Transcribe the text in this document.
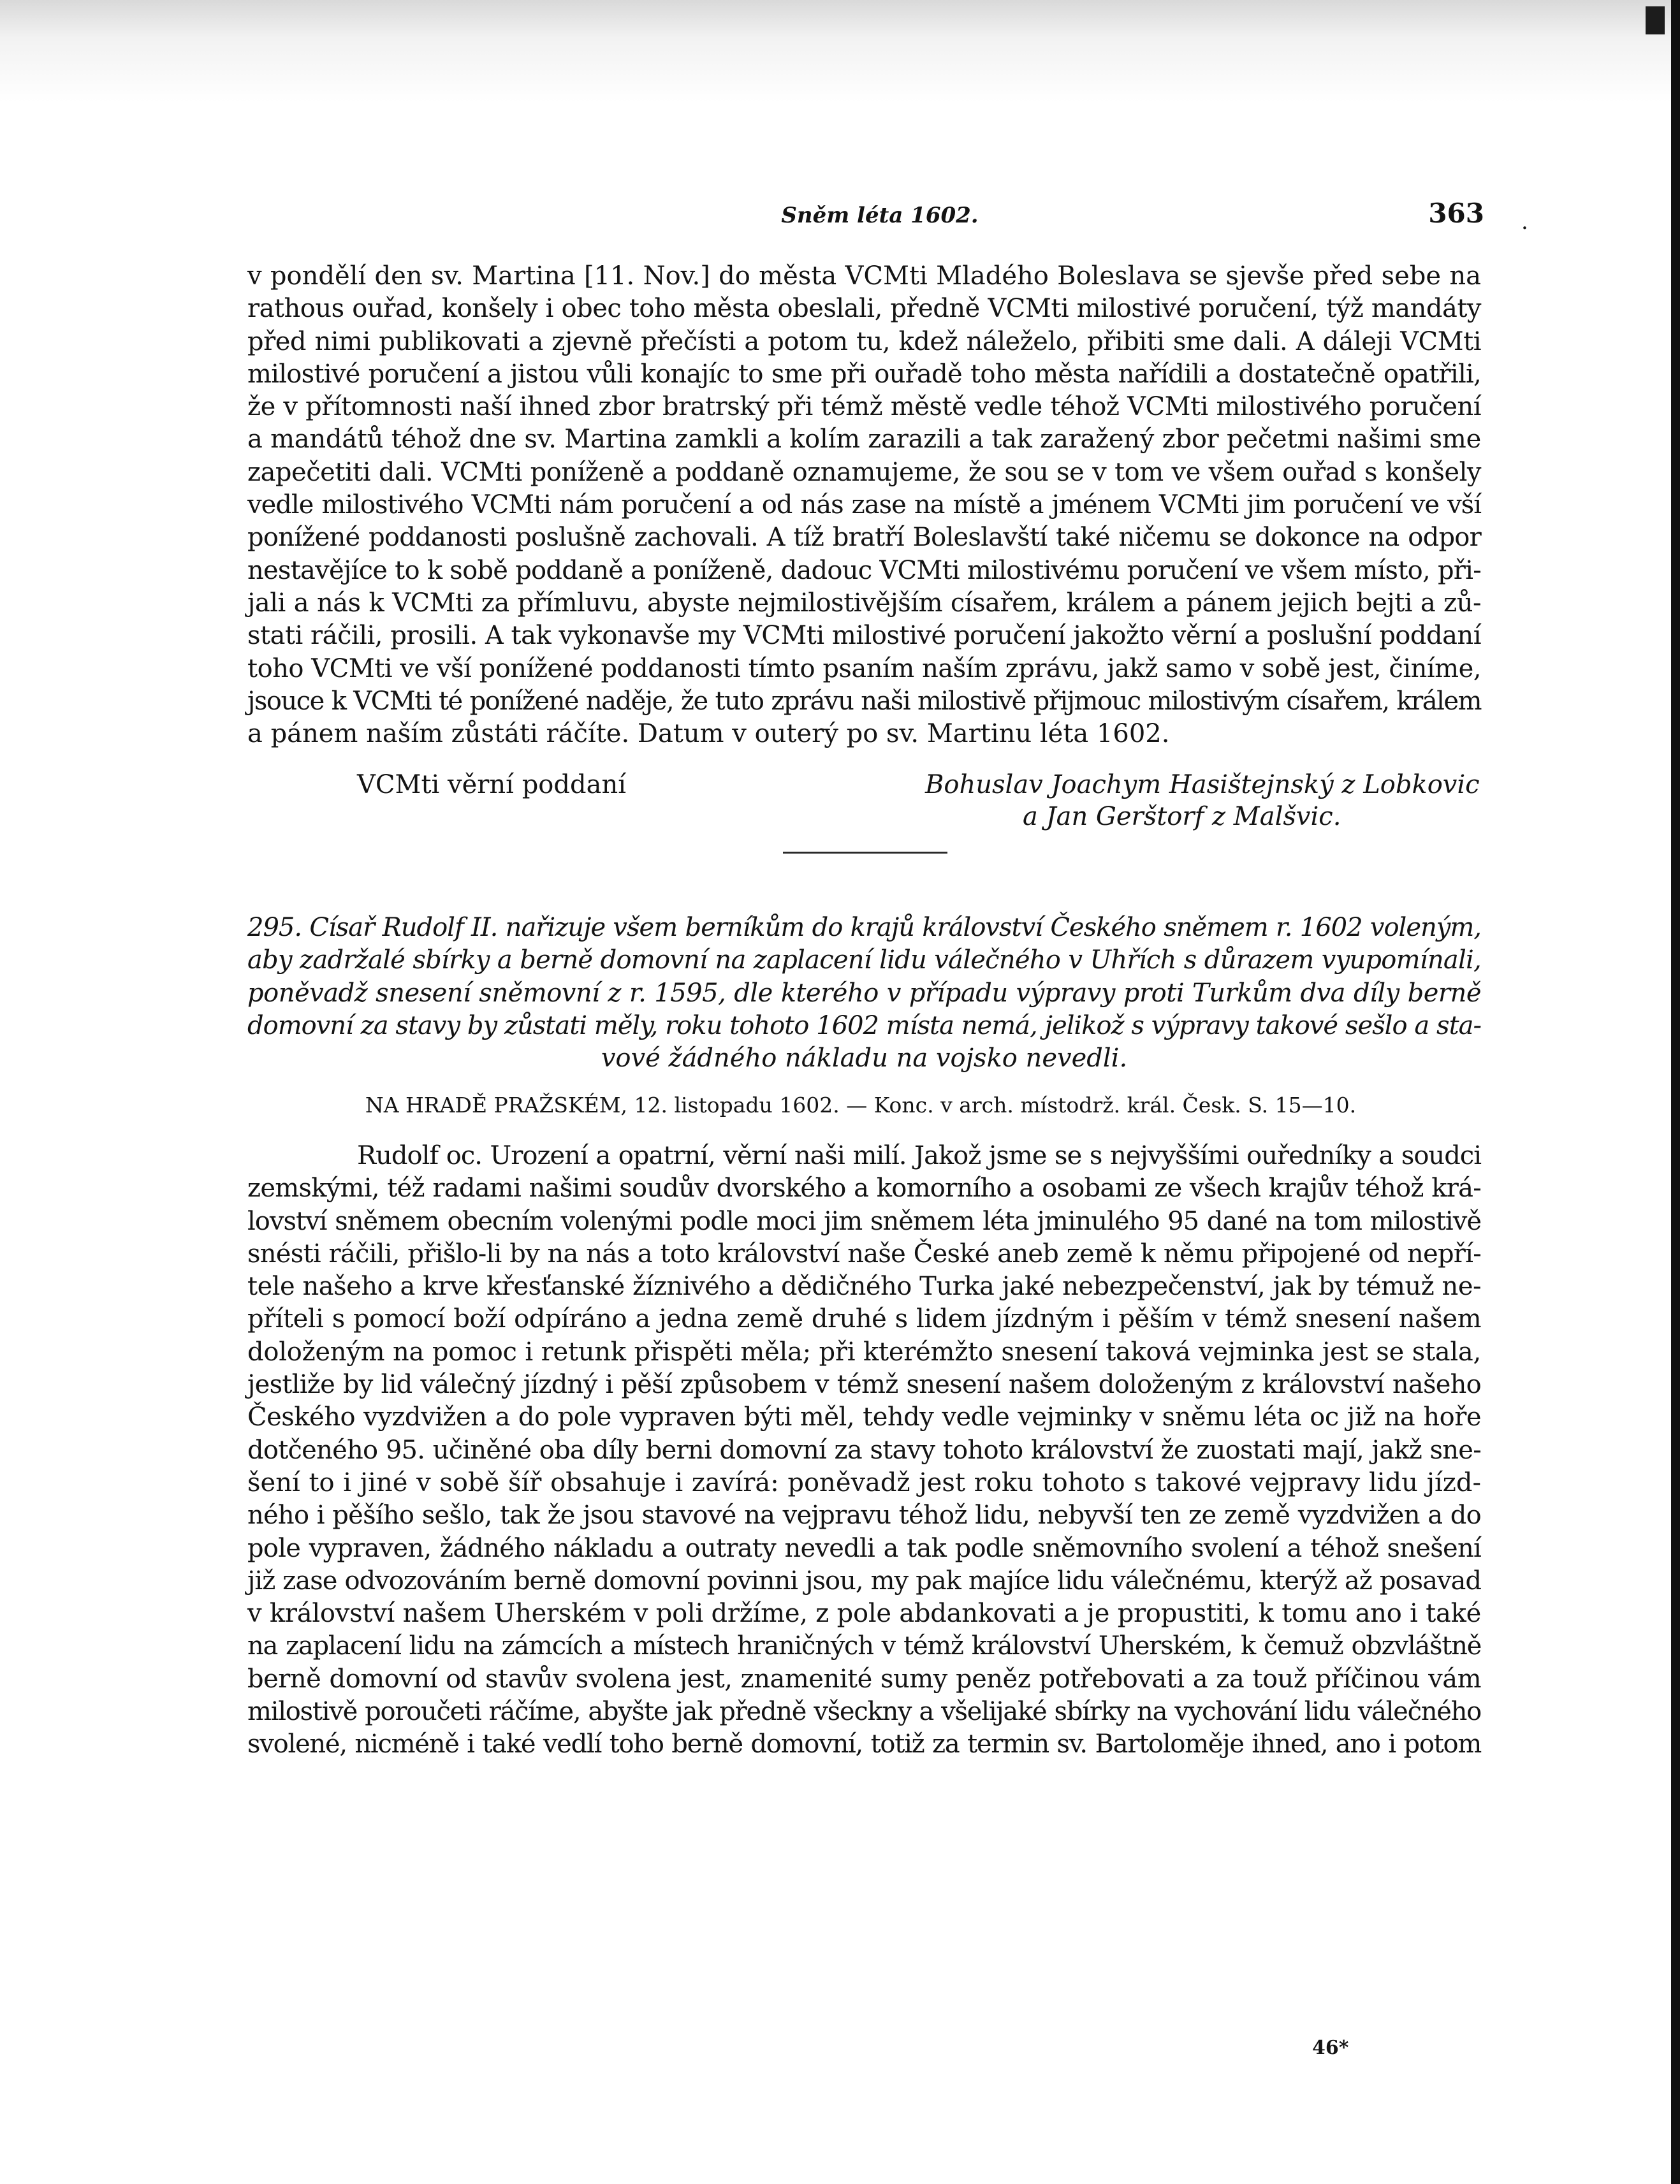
Sněm léta 1602.	363 .
v pondělí den sv. Martina [11. Nov.] do města VCMti Mladého Boleslava se sjevše před sebe na
rathous ouřad, konšely i obec toho města obeslali, předně VCMti milostivé poručení, týž mandáty
před nimi publikovati a zjevně přečísti a potom tu, kdež náleželo, přibiti sme dali. A dáleji VCMti
milostivé poručení a jistou vůli konajíc to sme při ouřadě toho města nařídili a dostatečně opatřili,
že v přítomnosti naší ihned zbor bratrský při témž městě vedle téhož VCMti milostivého poručení
a mandátů téhož dne sv. Martina zamkli a kolím zarazili a tak zaražený zbor pečetmi našimi sme
zapečetiti dali. VCMti poníženě a poddaně oznamujeme, že sou se v tom ve všem ouřad s konšely
vedle milostivého VCMti nám poručení a od nás zase na místě a jménem VCMti jim poručení ve vší
ponížené poddanosti poslušně zachovali. A tíž bratří Boleslavští také ničemu se dokonce na odpor
nestavějíce to k sobě poddaně a poníženě, dadouc VCMti milostivému poručení ve všem místo, při-
jali a nás k VCMti za přímluvu, abyste nejmilostivějším císařem, králem a pánem jejich bejti a zů-
stati ráčili, prosili. A tak vykonavše my VCMti milostivé poručení jakožto věrní a poslušní poddaní
toho VCMti ve vší ponížené poddanosti tímto psaním naším zprávu, jakž samo v sobě jest, činíme,
jsouce k VCMti té ponížené naděje, že tuto zprávu naši milostivě přijmouc milostivým císařem, králem
a pánem naším zůstáti ráčíte. Datum v outerý po sv. Martinu léta 1602.
VCMti věrní poddaní	Bohuslav Joachym Hasištejnský z Lobkovic
a Jan Gerštorf z Malšvic.
295. Císař Rudolf II. nařizuje všem berníkům do krajů království Českého sněmem r. 1602 voleným,
aby zadržalé sbírky a berně domovní na zaplacení lidu válečného v Uhřích s důrazem vyupomínali,
poněvadž snesení sněmovní z r. 1595, dle kterého v případu výpravy proti Turkům dva díly berně
domovní za stavy by zůstati měly, roku tohoto 1602 místa nemá, jelikož s výpravy takové sešlo a sta-
vové žádného nákladu na vojsko nevedli.
NA HRADĚ PRAŽSKÉM, 12. listopadu 1602. — Konc. v arch. místodrž. král. Česk. S. 15—10.
Rudolf oc. Urození a opatrní, věrní naši milí. Jakož jsme se s nejvyššími ouředníky a soudci
zemskými, též radami našimi soudův dvorského a komorního a osobami ze všech krajův téhož krá-
lovství sněmem obecním volenými podle moci jim sněmem léta jminulého 95 dané na tom milostivě
snésti ráčili, přišlo-li by na nás a toto království naše České aneb země k němu připojené od nepří-
tele našeho a krve křesťanské žíznivého a dědičného Turka jaké nebezpečenství, jak by témuž ne-
příteli s pomocí boží odpíráno a jedna země druhé s lidem jízdným i pěším v témž snesení našem
doloženým na pomoc i retunk přispěti měla; při kterémžto snesení taková vejminka jest se stala,
jestliže by lid válečný jízdný i pěší způsobem v témž snesení našem doloženým z království našeho
Českého vyzdvižen a do pole vypraven býti měl, tehdy vedle vejminky v sněmu léta oc již na hoře
dotčeného 95. učiněné oba díly berni domovní za stavy tohoto království že zuostati mají, jakž sne-
šení to i jiné v sobě šíř obsahuje i zavírá: poněvadž jest roku tohoto s takové vejpravy lidu jízd-
ného i pěšího sešlo, tak že jsou stavové na vejpravu téhož lidu, nebyvší ten ze země vyzdvižen a do
pole vypraven, žádného nákladu a outraty nevedli a tak podle sněmovního svolení a téhož snešení
již zase odvozováním berně domovní povinni jsou, my pak majíce lidu válečnému, kterýž až posavad
v království našem Uherském v poli držíme, z pole abdankovati a je propustiti, k tomu ano i také
na zaplacení lidu na zámcích a místech hraničných v témž království Uherském, k čemuž obzvláštně
berně domovní od stavův svolena jest, znamenité sumy peněz potřebovati a za touž příčinou vám
milostivě poroučeti ráčíme, abyšte jak předně všeckny a všelijaké sbírky na vychování lidu válečného
svolené, nicméně i také vedlí toho berně domovní, totiž za termin sv. Bartoloměje ihned, ano i potom
46*
